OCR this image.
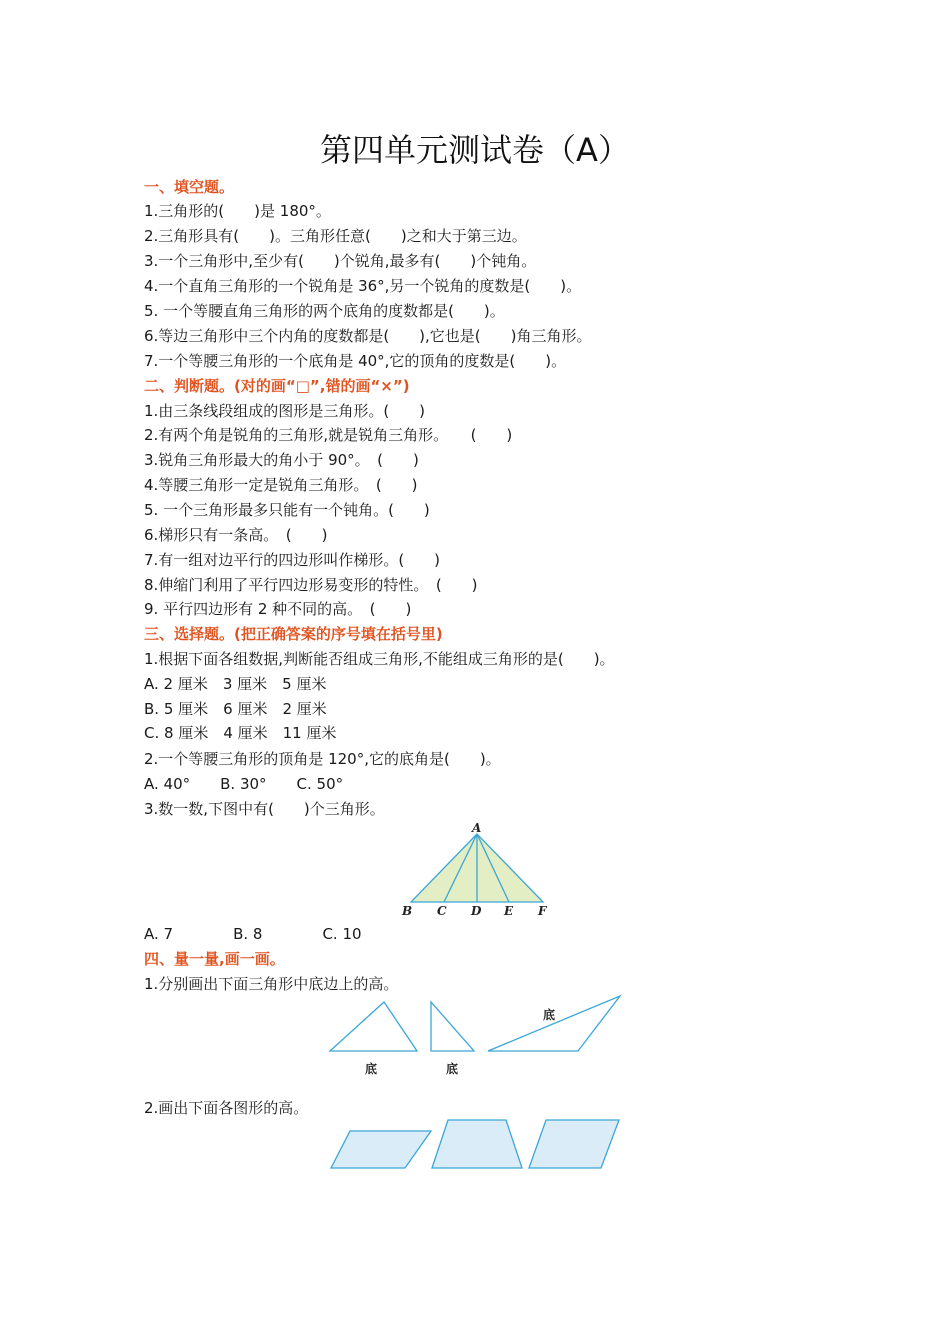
第四单元测试卷（A）
一、填空题。
1.三角形的(　　)是 180°。
2.三角形具有(　　)。三角形任意(　　)之和大于第三边。
3.一个三角形中,至少有(　　)个锐角,最多有(　　)个钝角。
4.一个直角三角形的一个锐角是 36°,另一个锐角的度数是(　　)。
5. 一个等腰直角三角形的两个底角的度数都是(　　)。
6.等边三角形中三个内角的度数都是(　　),它也是(　　)角三角形。
7.一个等腰三角形的一个底角是 40°,它的顶角的度数是(　　)。
二、判断题。(对的画“□”,错的画“×”)
1.由三条线段组成的图形是三角形。(　　)
2.有两个角是锐角的三角形,就是锐角三角形。　　(　　)
3.锐角三角形最大的角小于 90°。　(　　)
4.等腰三角形一定是锐角三角形。　(　　)
5. 一个三角形最多只能有一个钝角。(　　)
6.梯形只有一条高。　(　　)
7.有一组对边平行的四边形叫作梯形。(　　)
8.伸缩门利用了平行四边形易变形的特性。　(　　)
9. 平行四边形有 2 种不同的高。　(　　)
三、选择题。(把正确答案的序号填在括号里)
1.根据下面各组数据,判断能否组成三角形,不能组成三角形的是(　　)。
A. 2 厘米　3 厘米　5 厘米
B. 5 厘米　6 厘米　2 厘米
C. 8 厘米　4 厘米　11 厘米
2.一个等腰三角形的顶角是 120°,它的底角是(　　)。
A. 40°　　B. 30°　　C. 50°
3.数一数,下图中有(　　)个三角形。
A
B C D E F
A. 7　　　　B. 8　　　　C. 10
四、量一量,画一画。
1.分别画出下面三角形中底边上的高。
底	底
底
2.画出下面各图形的高。
